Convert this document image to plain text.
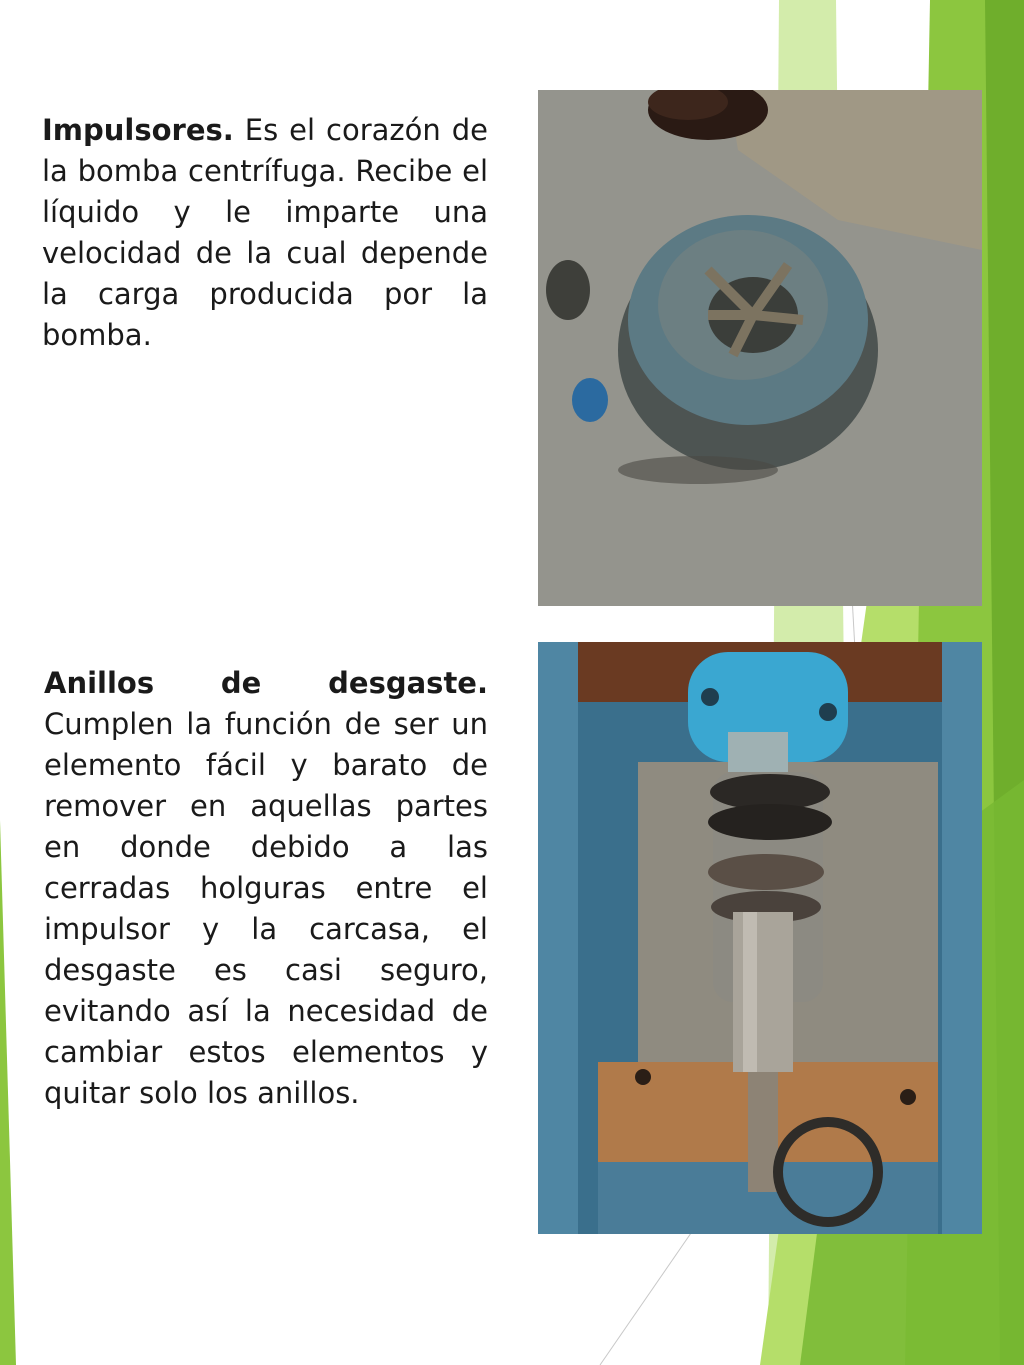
Impulsores. Es el corazón de la bomba centrífuga. Recibe el líquido y le imparte una velocidad de la cual depende la carga producida por la bomba.
Anillos de desgaste. Cumplen la función de ser un elemento fácil y barato de remover en aquellas partes en donde debido a las cerradas holguras entre el impulsor y la carcasa, el desgaste es casi seguro, evitando así la necesidad de cambiar estos elementos y quitar solo los anillos.
